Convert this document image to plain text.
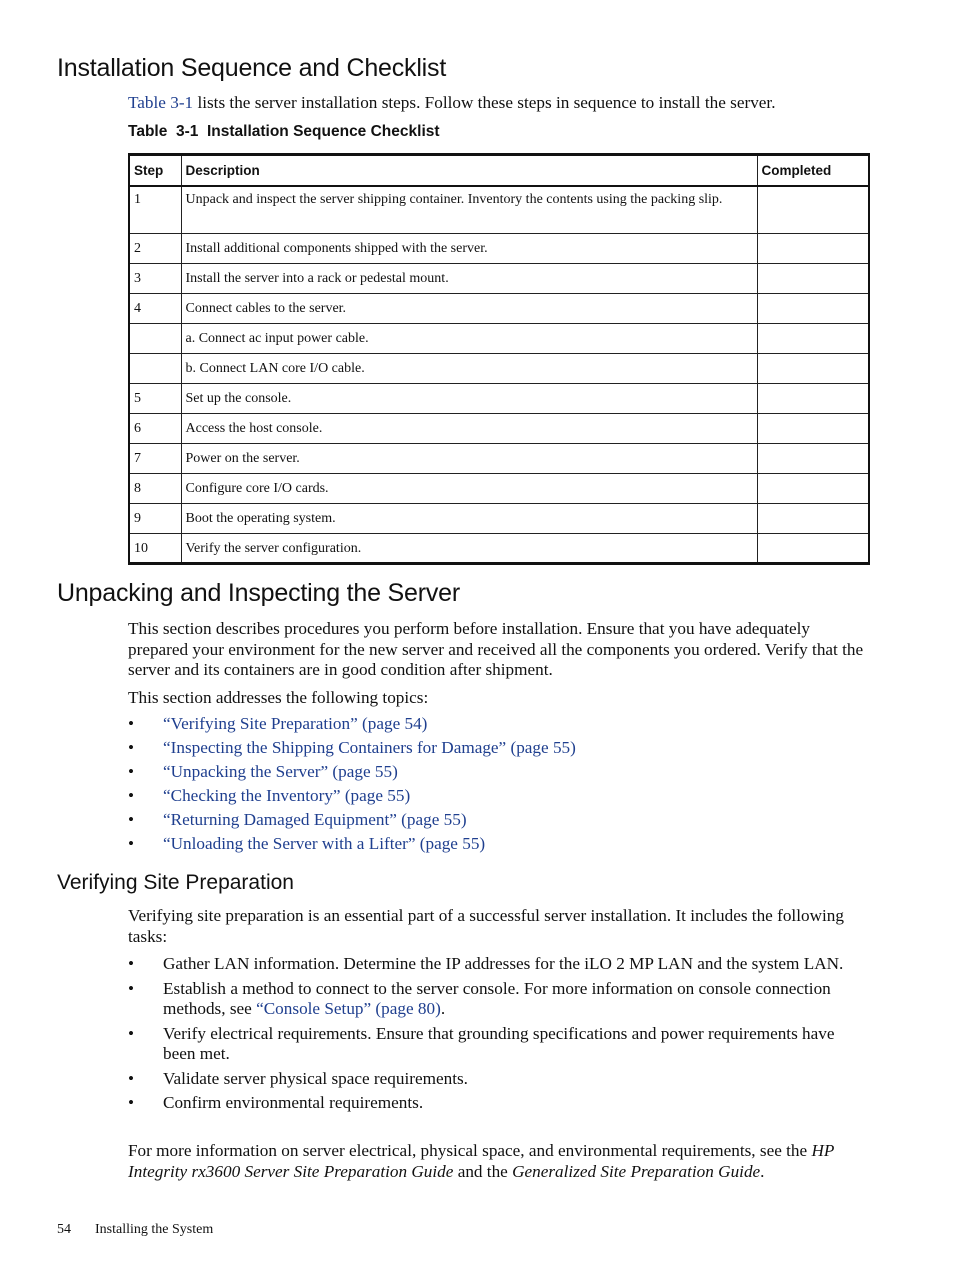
Installation Sequence and Checklist

Table 3-1 lists the server installation steps. Follow these steps in sequence to install the server.

Table  3-1  Installation Sequence Checklist
Step	Description	Completed
1	Unpack and inspect the server shipping container. Inventory the contents using the packing slip.	
2	Install additional components shipped with the server.	
3	Install the server into a rack or pedestal mount.	
4	Connect cables to the server.	
	a. Connect ac input power cable.	
	b. Connect LAN core I/O cable.	
5	Set up the console.	
6	Access the host console.	
7	Power on the server.	
8	Configure core I/O cards.	
9	Boot the operating system.	
10	Verify the server configuration.	
Unpacking and Inspecting the Server

This section describes procedures you perform before installation. Ensure that you have adequately prepared your environment for the new server and received all the components you ordered. Verify that the server and its containers are in good condition after shipment.

This section addresses the following topics:

• “Verifying Site Preparation” (page 54)
• “Inspecting the Shipping Containers for Damage” (page 55)
• “Unpacking the Server” (page 55)
• “Checking the Inventory” (page 55)
• “Returning Damaged Equipment” (page 55)
• “Unloading the Server with a Lifter” (page 55)
Verifying Site Preparation

Verifying site preparation is an essential part of a successful server installation. It includes the following tasks:

• Gather LAN information. Determine the IP addresses for the iLO 2 MP LAN and the system LAN.
• Establish a method to connect to the server console. For more information on console connection methods, see “Console Setup” (page 80).
• Verify electrical requirements. Ensure that grounding specifications and power requirements have been met.
• Validate server physical space requirements.
• Confirm environmental requirements.

For more information on server electrical, physical space, and environmental requirements, see the HP Integrity rx3600 Server Site Preparation Guide and the Generalized Site Preparation Guide.

54 Installing the System
